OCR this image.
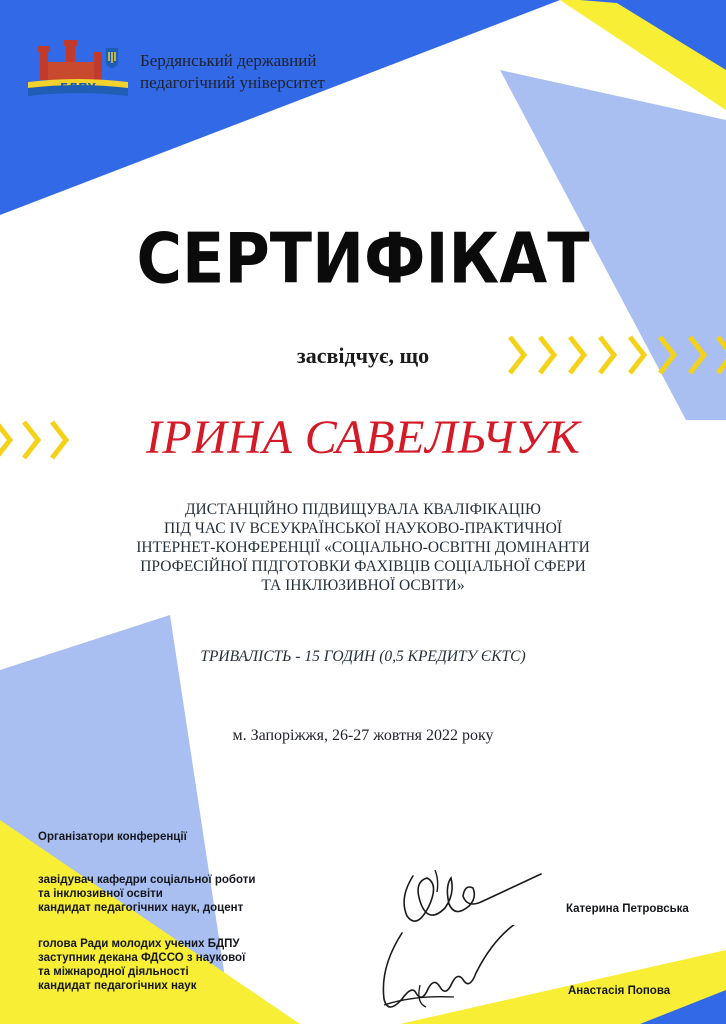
БДПУ
Бердянський державний
педагогічний університет
СЕРТИФІКАТ
засвідчує, що
ІРИНА САВЕЛЬЧУК
ДИСТАНЦІЙНО ПІДВИЩУВАЛА КВАЛІФІКАЦІЮ
ПІД ЧАС IV ВСЕУКРАЇНСЬКОЇ НАУКОВО-ПРАКТИЧНОЇ
ІНТЕРНЕТ-КОНФЕРЕНЦІЇ «СОЦІАЛЬНО-ОСВІТНІ ДОМІНАНТИ
ПРОФЕСІЙНОЇ ПІДГОТОВКИ ФАХІВЦІВ СОЦІАЛЬНОЇ СФЕРИ
ТА ІНКЛЮЗИВНОЇ ОСВІТИ»
ТРИВАЛІСТЬ - 15 ГОДИН (0,5 КРЕДИТУ ЄКТС)
м. Запоріжжя, 26-27 жовтня 2022 року
Організатори конференції
завідувач кафедри соціальної роботи
та інклюзивної освіти
кандидат педагогічних наук, доцент
голова Ради молодих учених БДПУ
заступник декана ФДССО з наукової
та міжнародної діяльності
кандидат педагогічних наук
Катерина Петровська
Анастасія Попова
